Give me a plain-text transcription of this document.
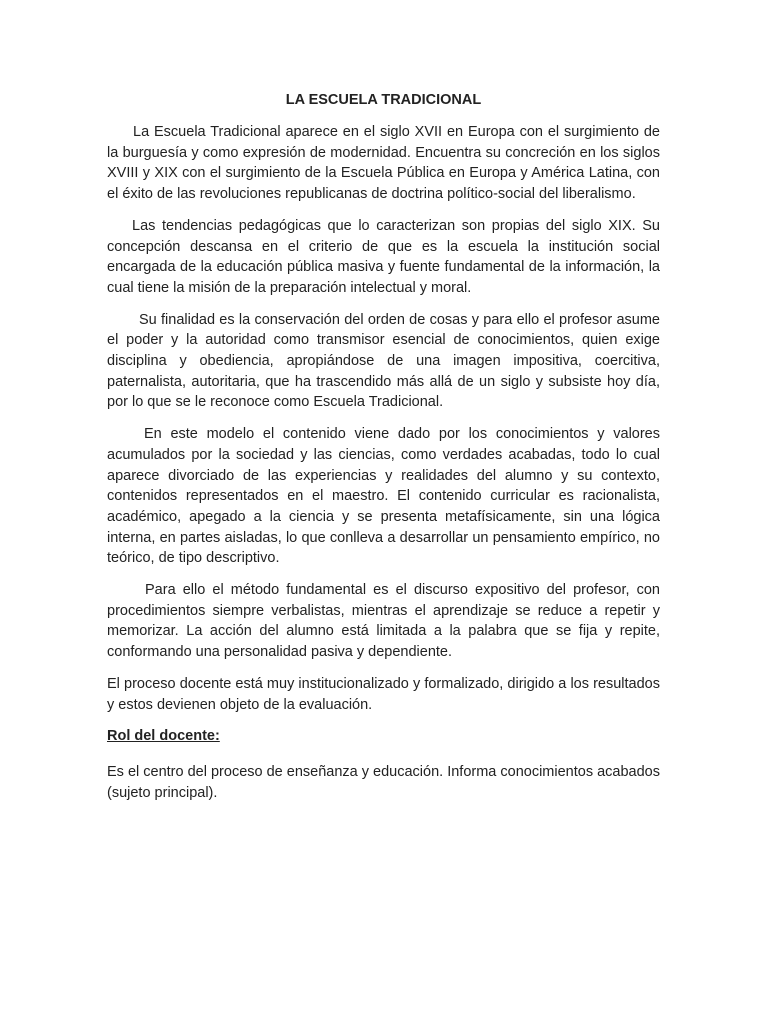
LA ESCUELA TRADICIONAL

La Escuela Tradicional aparece en el siglo XVII en Europa con el surgimiento de la burguesía y como expresión de modernidad. Encuentra su concreción en los siglos XVIII y XIX con el surgimiento de la Escuela Pública en Europa y América Latina, con el éxito de las revoluciones republicanas de doctrina político-social del liberalismo.

Las tendencias pedagógicas que lo caracterizan son propias del siglo XIX. Su concepción descansa en el criterio de que es la escuela la institución social encargada de la educación pública masiva y fuente fundamental de la información, la cual tiene la misión de la preparación intelectual y moral.

Su finalidad es la conservación del orden de cosas y para ello el profesor asume el poder y la autoridad como transmisor esencial de conocimientos, quien exige disciplina y obediencia, apropiándose de una imagen impositiva, coercitiva, paternalista, autoritaria, que ha trascendido más allá de un siglo y subsiste hoy día, por lo que se le reconoce como Escuela Tradicional.

En este modelo el contenido viene dado por los conocimientos y valores acumulados por la sociedad y las ciencias, como verdades acabadas, todo lo cual aparece divorciado de las experiencias y realidades del alumno y su contexto, contenidos representados en el maestro. El contenido curricular es racionalista, académico, apegado a la ciencia y se presenta metafísicamente, sin una lógica interna, en partes aisladas, lo que conlleva a desarrollar un pensamiento empírico, no teórico, de tipo descriptivo.

Para ello el método fundamental es el discurso expositivo del profesor, con procedimientos siempre verbalistas, mientras el aprendizaje se reduce a repetir y memorizar. La acción del alumno está limitada a la palabra que se fija y repite, conformando una personalidad pasiva y dependiente.

El proceso docente está muy institucionalizado y formalizado, dirigido a los resultados y estos devienen objeto de la evaluación.

Rol del docente:

Es el centro del proceso de enseñanza y educación. Informa conocimientos acabados (sujeto principal).
